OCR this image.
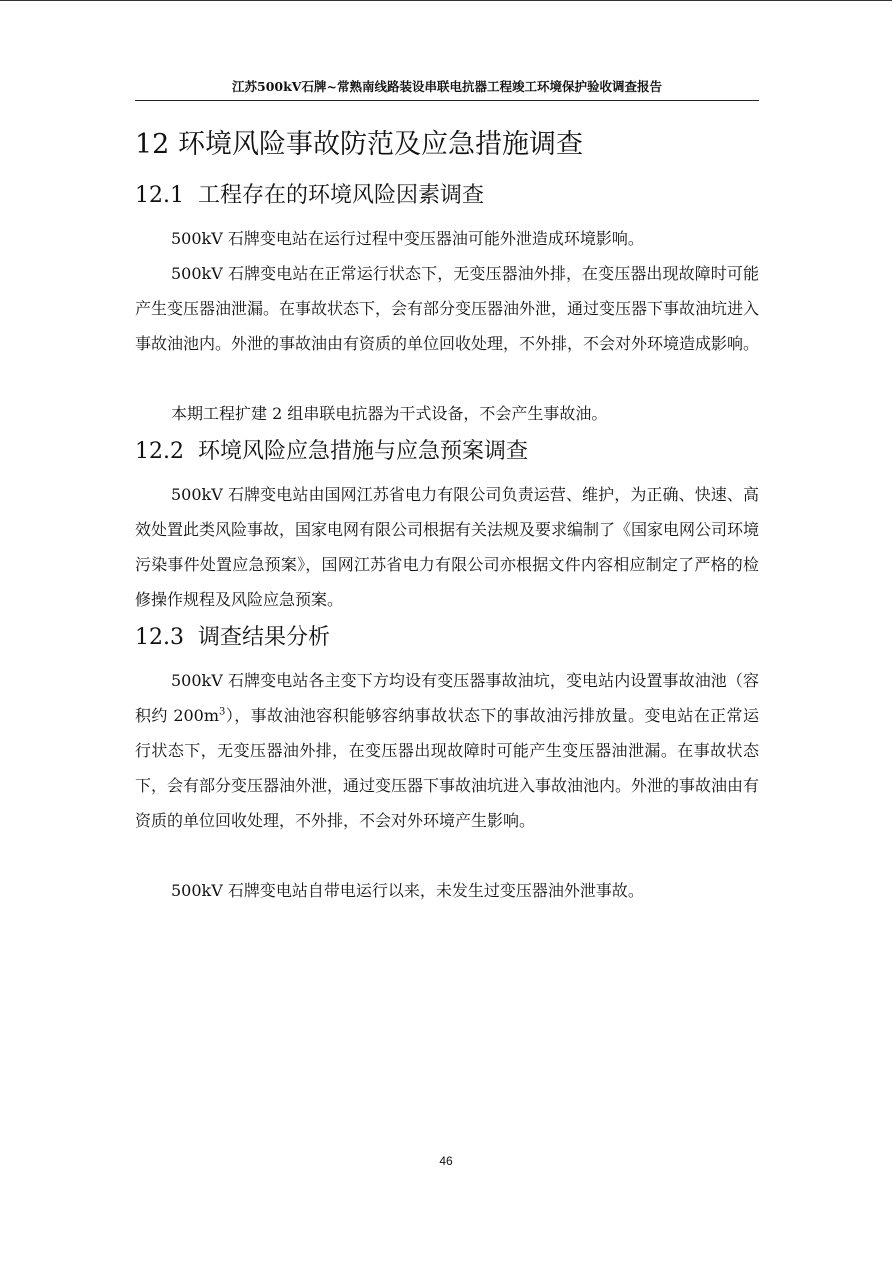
江苏500kV石牌~常熟南线路装设串联电抗器工程竣工环境保护验收调查报告
12 环境风险事故防范及应急措施调查
12.1 工程存在的环境风险因素调查

500kV 石牌变电站在运行过程中变压器油可能外泄造成环境影响。

500kV 石牌变电站在正常运行状态下，无变压器油外排，在变压器出现故障时可能产生变压器油泄漏。在事故状态下，会有部分变压器油外泄，通过变压器下事故油坑进入事故油池内。外泄的事故油由有资质的单位回收处理，不外排，不会对外环境造成影响。

本期工程扩建 2 组串联电抗器为干式设备，不会产生事故油。

12.2 环境风险应急措施与应急预案调查

500kV 石牌变电站由国网江苏省电力有限公司负责运营、维护，为正确、快速、高效处置此类风险事故，国家电网有限公司根据有关法规及要求编制了《国家电网公司环境污染事件处置应急预案》，国网江苏省电力有限公司亦根据文件内容相应制定了严格的检修操作规程及风险应急预案。

12.3 调查结果分析

500kV 石牌变电站各主变下方均设有变压器事故油坑，变电站内设置事故油池（容积约 $200m^3$），事故油池容积能够容纳事故状态下的事故油污排放量。变电站在正常运行状态下，无变压器油外排，在变压器出现故障时可能产生变压器油泄漏。在事故状态下，会有部分变压器油外泄，通过变压器下事故油坑进入事故油池内。外泄的事故油由有资质的单位回收处理，不外排，不会对外环境产生影响。

500kV 石牌变电站自带电运行以来，未发生过变压器油外泄事故。

46
